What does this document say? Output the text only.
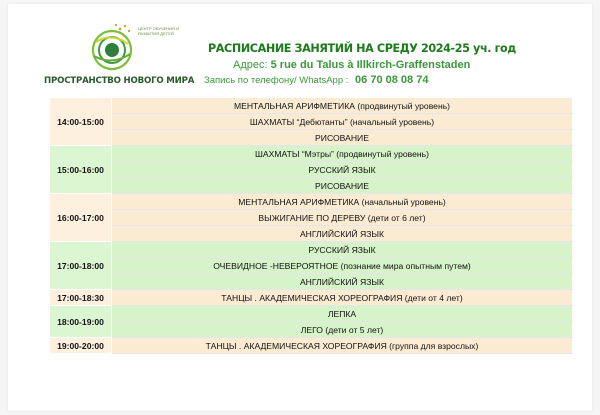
ЦЕНТР ОБУЧЕНИЯ И РАЗВИТИЯ ДЕТЕЙ
ПРОСТРАНСТВО НОВОГО МИРА
РАСПИСАНИЕ ЗАНЯТИЙ НА СРЕДУ 2024-25 уч. год
Адрес: 5 rue du Talus à Illkirch-Graffenstaden
Запись по телефону/ WhatsApp : 06 70 08 08 74
14:00-15:00	МЕНТАЛЬНАЯ АРИФМЕТИКА (продвинутый уровень)
	ШАХМАТЫ “Дебютанты” (начальный уровень)
	РИСОВАНИЕ
15:00-16:00	ШАХМАТЫ “Мэтры” (продвинутый уровень)
	РУССКИЙ ЯЗЫК
	РИСОВАНИЕ
16:00-17:00	МЕНТАЛЬНАЯ АРИФМЕТИКА (начальный уровень)
	ВЫЖИГАНИЕ ПО ДЕРЕВУ (дети от 6 лет)
	АНГЛИЙСКИЙ ЯЗЫК
17:00-18:00	РУССКИЙ ЯЗЫК
	ОЧЕВИДНОЕ -НЕВЕРОЯТНОЕ (познание мира опытным путем)
	АНГЛИЙСКИЙ ЯЗЫК
17:00-18:30	ТАНЦЫ . АКАДЕМИЧЕСКАЯ ХОРЕОГРАФИЯ (дети от 4 лет)
18:00-19:00	ЛЕПКА
	ЛЕГО (дети от 5 лет)
19:00-20:00	ТАНЦЫ . АКАДЕМИЧЕСКАЯ ХОРЕОГРАФИЯ (группа для взрослых)
